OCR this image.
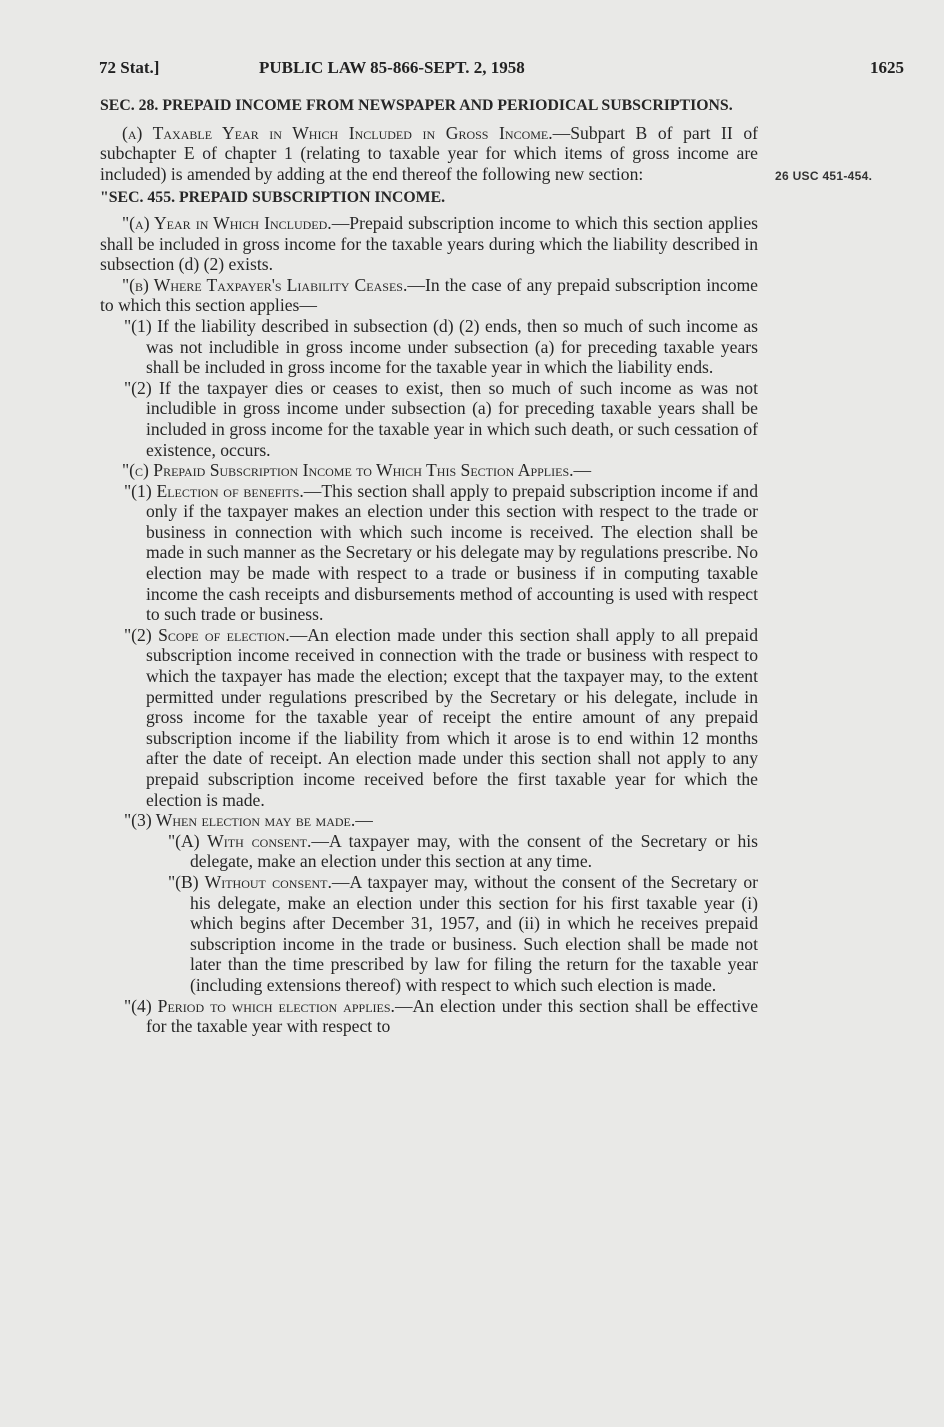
72 Stat.]	PUBLIC LAW 85-866-SEPT. 2, 1958	1625
26 USC 451-454.

SEC. 28. PREPAID INCOME FROM NEWSPAPER AND PERIODICAL SUBSCRIPTIONS.

(a) Taxable Year in Which Included in Gross Income.—Subpart B of part II of subchapter E of chapter 1 (relating to taxable year for which items of gross income are included) is amended by adding at the end thereof the following new section:

"SEC. 455. PREPAID SUBSCRIPTION INCOME.

"(a) Year in Which Included.—Prepaid subscription income to which this section applies shall be included in gross income for the taxable years during which the liability described in subsection (d) (2) exists.

"(b) Where Taxpayer's Liability Ceases.—In the case of any prepaid subscription income to which this section applies—

"(1) If the liability described in subsection (d) (2) ends, then so much of such income as was not includible in gross income under subsection (a) for preceding taxable years shall be included in gross income for the taxable year in which the liability ends.

"(2) If the taxpayer dies or ceases to exist, then so much of such income as was not includible in gross income under subsection (a) for preceding taxable years shall be included in gross income for the taxable year in which such death, or such cessation of existence, occurs.

"(c) Prepaid Subscription Income to Which This Section Applies.—

"(1) Election of benefits.—This section shall apply to prepaid subscription income if and only if the taxpayer makes an election under this section with respect to the trade or business in connection with which such income is received. The election shall be made in such manner as the Secretary or his delegate may by regulations prescribe. No election may be made with respect to a trade or business if in computing taxable income the cash receipts and disbursements method of accounting is used with respect to such trade or business.

"(2) Scope of election.—An election made under this section shall apply to all prepaid subscription income received in connection with the trade or business with respect to which the taxpayer has made the election; except that the taxpayer may, to the extent permitted under regulations prescribed by the Secretary or his delegate, include in gross income for the taxable year of receipt the entire amount of any prepaid subscription income if the liability from which it arose is to end within 12 months after the date of receipt. An election made under this section shall not apply to any prepaid subscription income received before the first taxable year for which the election is made.

"(3) When election may be made.—

"(A) With consent.—A taxpayer may, with the consent of the Secretary or his delegate, make an election under this section at any time.

"(B) Without consent.—A taxpayer may, without the consent of the Secretary or his delegate, make an election under this section for his first taxable year (i) which begins after December 31, 1957, and (ii) in which he receives prepaid subscription income in the trade or business. Such election shall be made not later than the time prescribed by law for filing the return for the taxable year (including extensions thereof) with respect to which such election is made.

"(4) Period to which election applies.—An election under this section shall be effective for the taxable year with respect to
